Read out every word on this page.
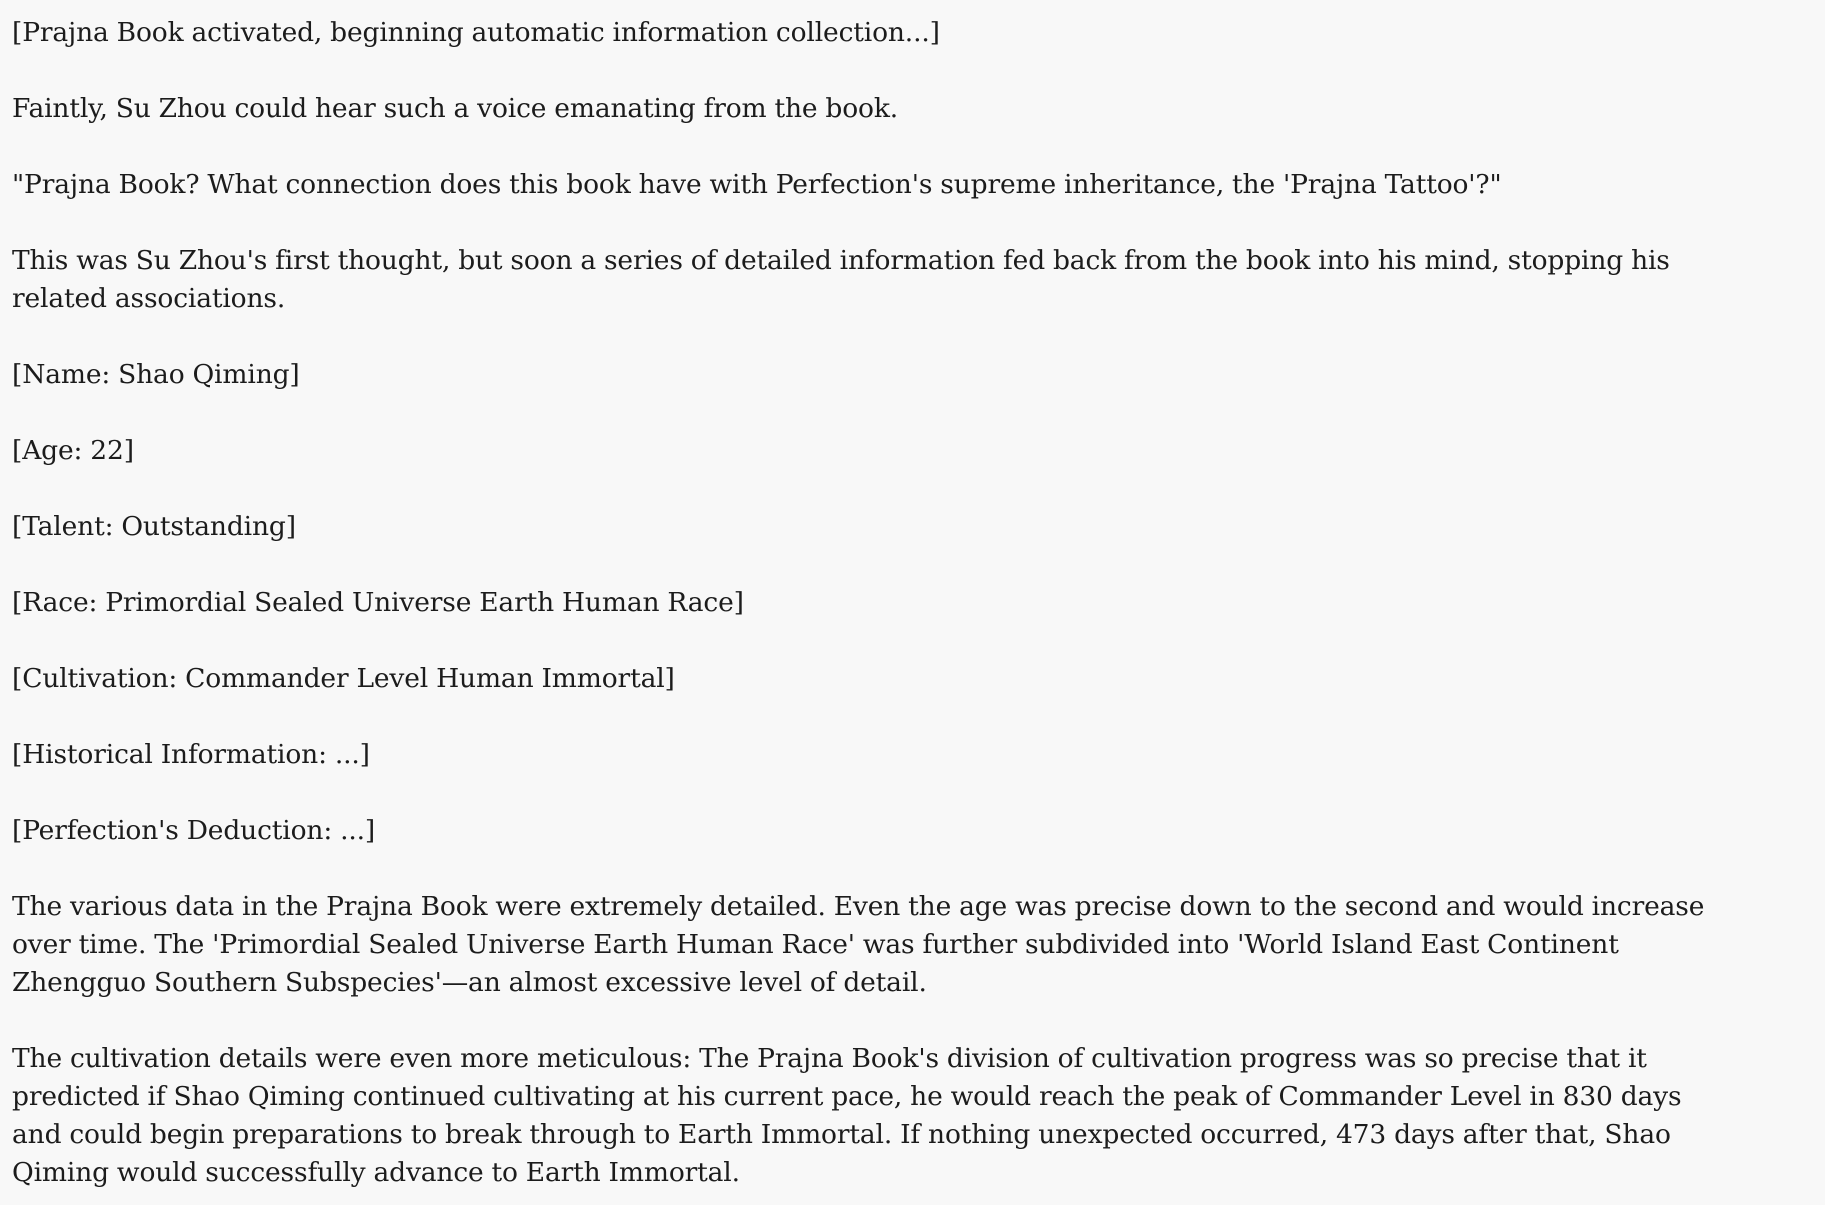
[Prajna Book activated, beginning automatic information collection...]

Faintly, Su Zhou could hear such a voice emanating from the book.

"Prajna Book? What connection does this book have with Perfection's supreme inheritance, the 'Prajna Tattoo'?"

This was Su Zhou's first thought, but soon a series of detailed information fed back from the book into his mind, stopping his related associations.

[Name: Shao Qiming]

[Age: 22]

[Talent: Outstanding]

[Race: Primordial Sealed Universe Earth Human Race]

[Cultivation: Commander Level Human Immortal]

[Historical Information: ...]

[Perfection's Deduction: ...]

The various data in the Prajna Book were extremely detailed. Even the age was precise down to the second and would increase over time. The 'Primordial Sealed Universe Earth Human Race' was further subdivided into 'World Island East Continent Zhengguo Southern Subspecies'—an almost excessive level of detail.

The cultivation details were even more meticulous: The Prajna Book's division of cultivation progress was so precise that it predicted if Shao Qiming continued cultivating at his current pace, he would reach the peak of Commander Level in 830 days and could begin preparations to break through to Earth Immortal. If nothing unexpected occurred, 473 days after that, Shao Qiming would successfully advance to Earth Immortal.
